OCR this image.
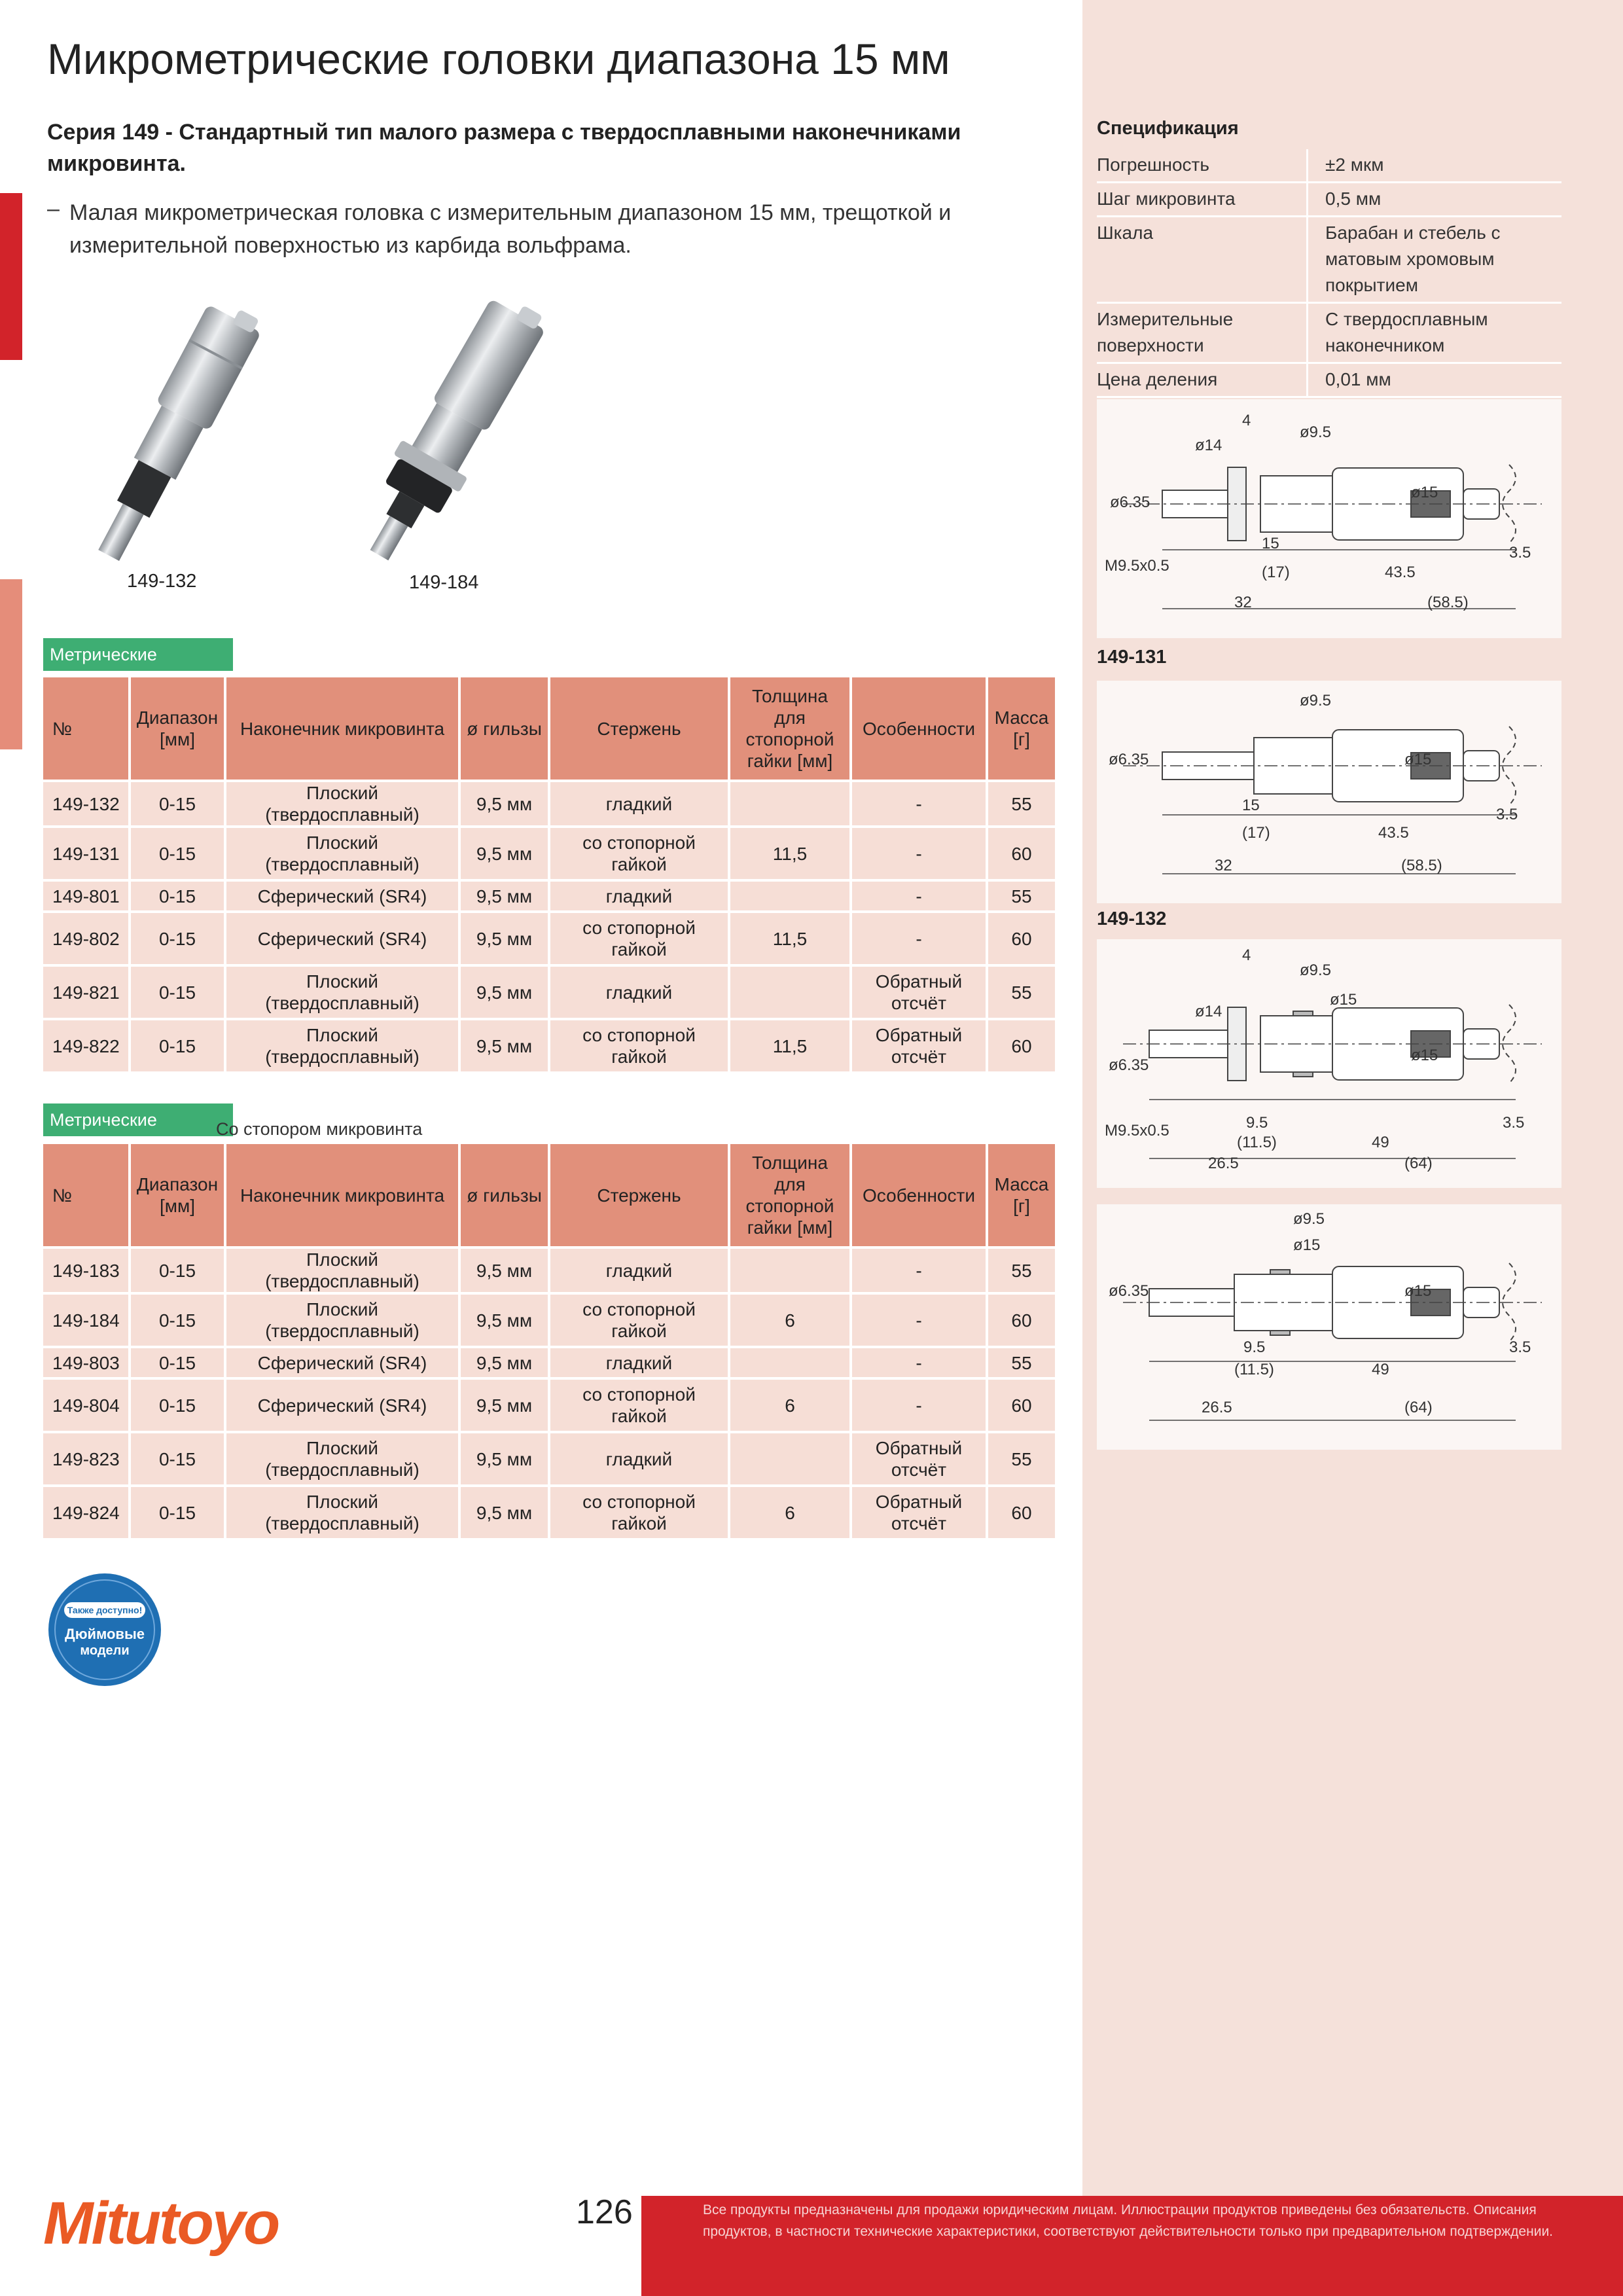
Микрометрические головки диапазона 15 мм
Серия 149 - Стандартный тип малого размера с твердосплавными наконечниками микровинта.
– Малая микрометрическая головка с измерительным диапазоном 15 мм, трещоткой и измерительной поверхностью из карбида вольфрама.
149-132	149-184
Метрические
№	Диапазон [мм]	Наконечник микровинта	ø гильзы	Стержень	Толщина для стопорной гайки [мм]	Особенности	Масса [г]
149-132	0-15	Плоский (твердосплавный)	9,5 мм	гладкий		-	55
149-131	0-15	Плоский (твердосплавный)	9,5 мм	со стопорной гайкой	11,5	-	60
149-801	0-15	Сферический (SR4)	9,5 мм	гладкий		-	55
149-802	0-15	Сферический (SR4)	9,5 мм	со стопорной гайкой	11,5	-	60
149-821	0-15	Плоский (твердосплавный)	9,5 мм	гладкий		Обратный отсчёт	55
149-822	0-15	Плоский (твердосплавный)	9,5 мм	со стопорной гайкой	11,5	Обратный отсчёт	60
Метрические	Со стопором микровинта
№	Диапазон [мм]	Наконечник микровинта	ø гильзы	Стержень	Толщина для стопорной гайки [мм]	Особенности	Масса [г]
149-183	0-15	Плоский (твердосплавный)	9,5 мм	гладкий		-	55
149-184	0-15	Плоский (твердосплавный)	9,5 мм	со стопорной гайкой	6	-	60
149-803	0-15	Сферический (SR4)	9,5 мм	гладкий		-	55
149-804	0-15	Сферический (SR4)	9,5 мм	со стопорной гайкой	6	-	60
149-823	0-15	Плоский (твердосплавный)	9,5 мм	гладкий		Обратный отсчёт	55
149-824	0-15	Плоский (твердосплавный)	9,5 мм	со стопорной гайкой	6	Обратный отсчёт	60
Спецификация
Погрешность	±2 мкм
Шаг микровинта	0,5 мм
Шкала	Барабан и стебель с матовым хромовым покрытием
Измерительные поверхности	С твердосплавным наконечником
Цена деления	0,01 мм
4
ø9.5
ø14
ø6.35
ø15
15
(17)	43.5
3.5
M9.5x0.5
32	(58.5)
149-131
ø9.5
ø6.35	ø15
15
(17)	43.5
3.5
32	(58.5)
149-132
4
ø9.5
ø15
ø14
ø6.35
ø15
9.5
(11.5)	49
3.5
M9.5x0.5
26.5	(64)
ø9.5
ø15
ø6.35	ø15
9.5
(11.5)	49
3.5
26.5	(64)
Также доступно!
Дюймовые
модели
Все продукты предназначены для продажи юридическим лицам. Иллюстрации продуктов приведены без обязательств. Описания продуктов, в частности технические характеристики, соответствуют действительности только при предварительном подтверждении.
126
Mitutoyo
